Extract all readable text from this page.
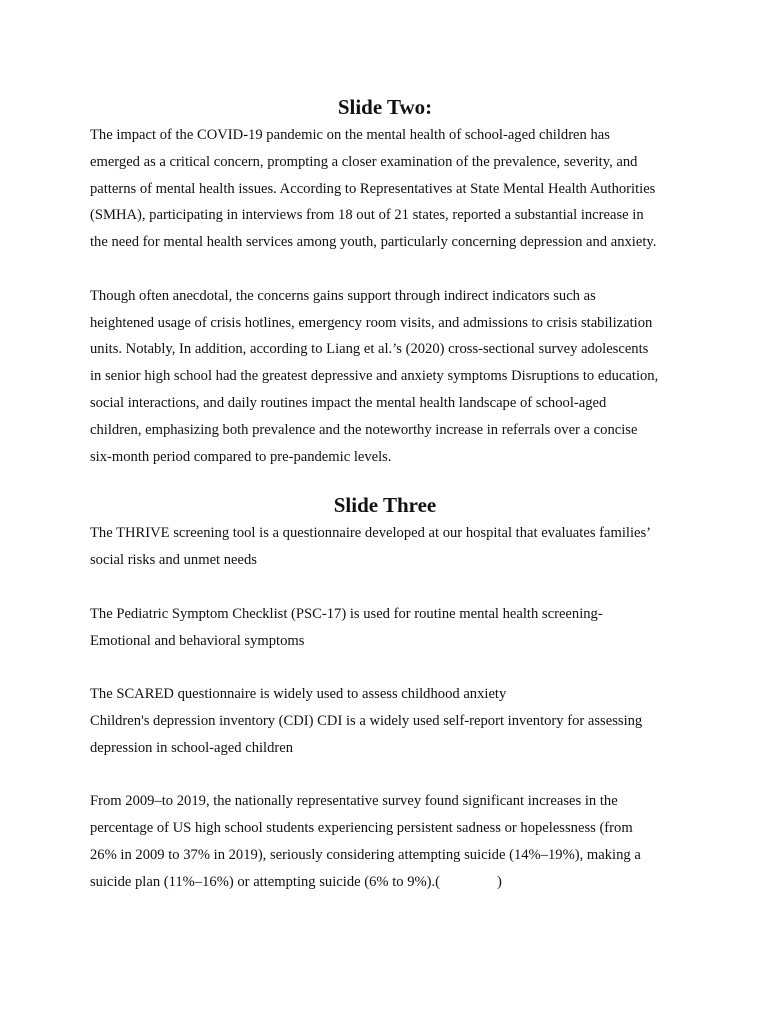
Slide Two:

The impact of the COVID-19 pandemic on the mental health of school-aged children has

emerged as a critical concern, prompting a closer examination of the prevalence, severity, and

patterns of mental health issues. According to Representatives at State Mental Health Authorities

(SMHA), participating in interviews from 18 out of 21 states, reported a substantial increase in

the need for mental health services among youth, particularly concerning depression and anxiety.

Though often anecdotal, the concerns gains support through indirect indicators such as

heightened usage of crisis hotlines, emergency room visits, and admissions to crisis stabilization

units. Notably, In addition, according to Liang et al.’s (2020) cross-sectional survey adolescents

in senior high school had the greatest depressive and anxiety symptoms Disruptions to education,

social interactions, and daily routines impact the mental health landscape of school-aged

children, emphasizing both prevalence and the noteworthy increase in referrals over a concise

six-month period compared to pre-pandemic levels.

Slide Three

The THRIVE screening tool is a questionnaire developed at our hospital that evaluates families’

social risks and unmet needs

The Pediatric Symptom Checklist (PSC-17) is used for routine mental health screening-

Emotional and behavioral symptoms

The SCARED questionnaire is widely used to assess childhood anxiety

Children's depression inventory (CDI) CDI is a widely used self-report inventory for assessing

depression in school-aged children

From 2009–to 2019, the nationally representative survey found significant increases in the

percentage of US high school students experiencing persistent sadness or hopelessness (from

26% in 2009 to 37% in 2019), seriously considering attempting suicide (14%–19%), making a

suicide plan (11%–16%) or attempting suicide (6% to 9%).(	)
